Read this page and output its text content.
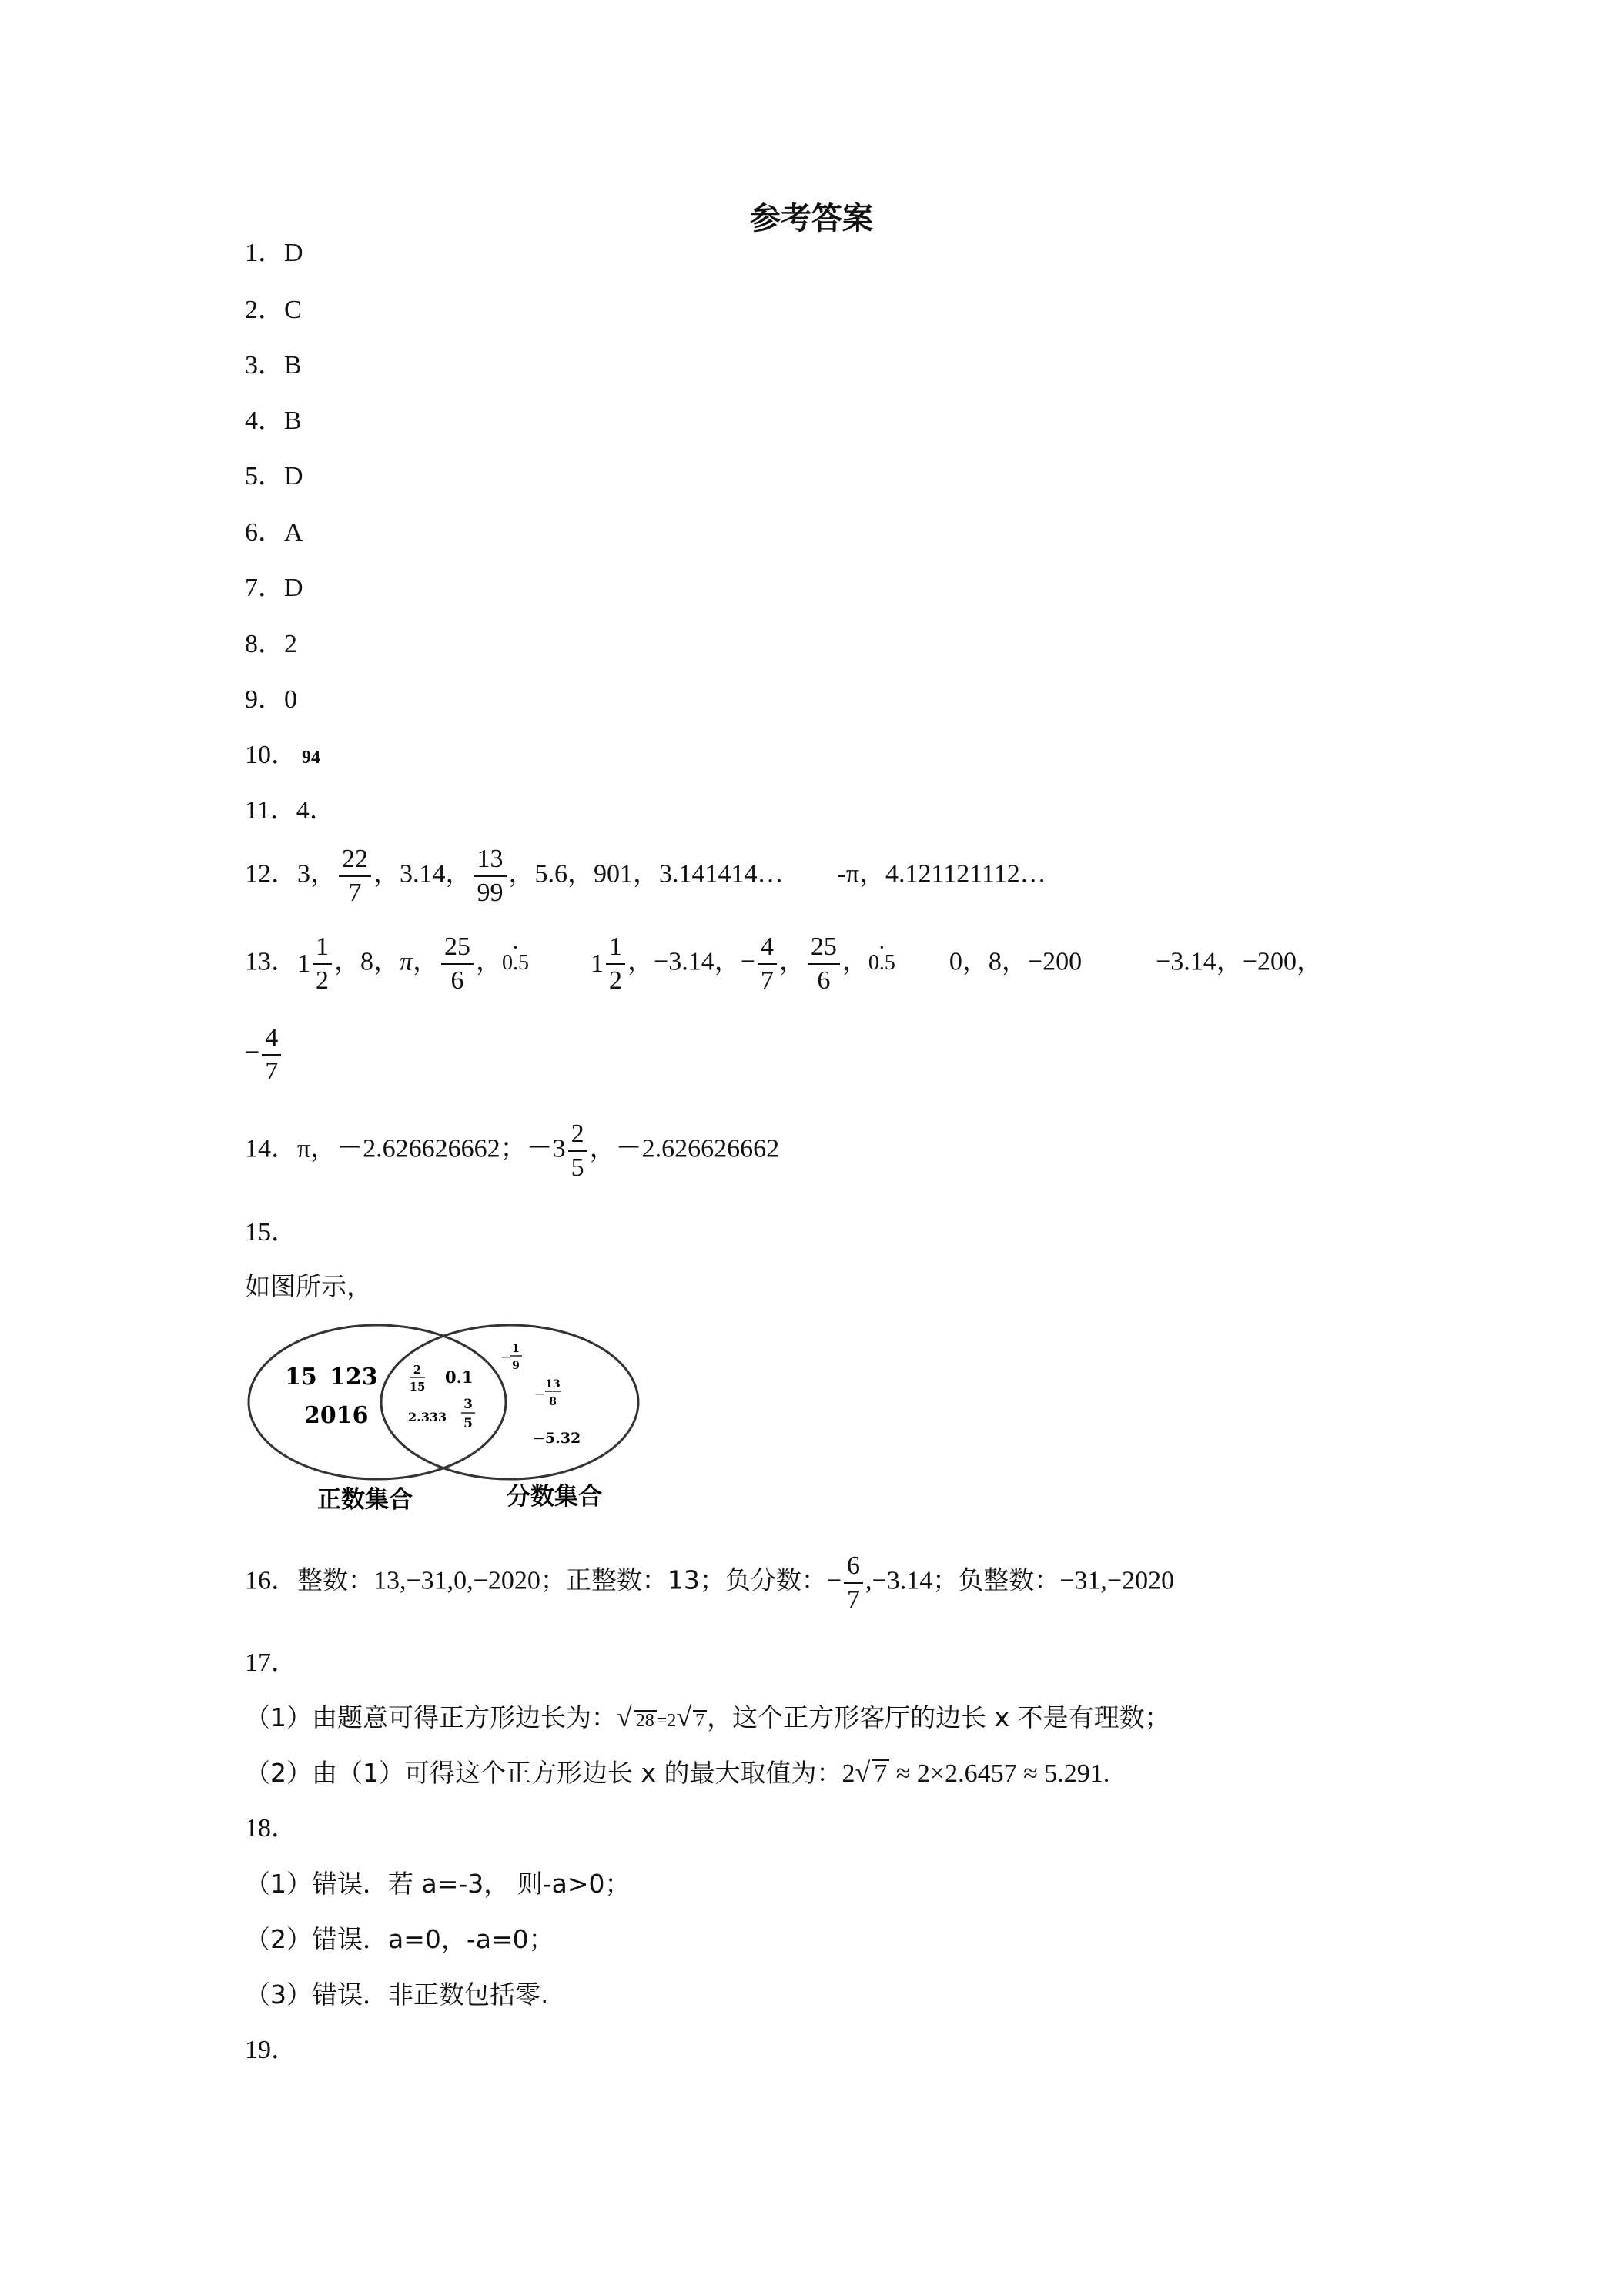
参考答案
1．D
2．C
3．B
4．B
5．D
6．A
7．D
8．2
9．0
10． 94
11．4．
12．3， $\frac{22}{7}$ ，3.14， $\frac{13}{99}$ ，5.6，901，3.141414… -π，4.121121112…
13． $1 \frac{1}{2}$ ，8，π， $\frac{25}{6}$ ，$0.5 \cdot 1 \frac{1}{2}$ ，−3.14，− $\frac{4}{7}$ ， $\frac{25}{6}$ ，0.5 · 0，8，−200	−3.14，−200，
− $\frac{4}{7}$
14．π，－2.626626662；$-3 \frac{2}{5}$ ，－2.626626662
15．
如图所示，
15 123
2016
2
15 0.1
2.333
3
5
−
1
9
−
13
8
−5.32
正数集合	分数集合
16．整数：13,−31,0,−2020；正整数：13；负分数：− $\frac{6}{7} ,-3.14$；负整数：−31,−2020
17．
（1）由题意可得正方形边长为：√ 28 =2√ 7，这个正方形客厅的边长 x 不是有理数；
（2）由（1）可得这个正方形边长 x 的最大取值为：2√ 7 ≈ 2×2.6457 ≈ 5.291.
18．
（1）错误．若 a=-3， 则-a>0；
（2）错误．a=0，-a=0；
（3）错误．非正数包括零.
19．
